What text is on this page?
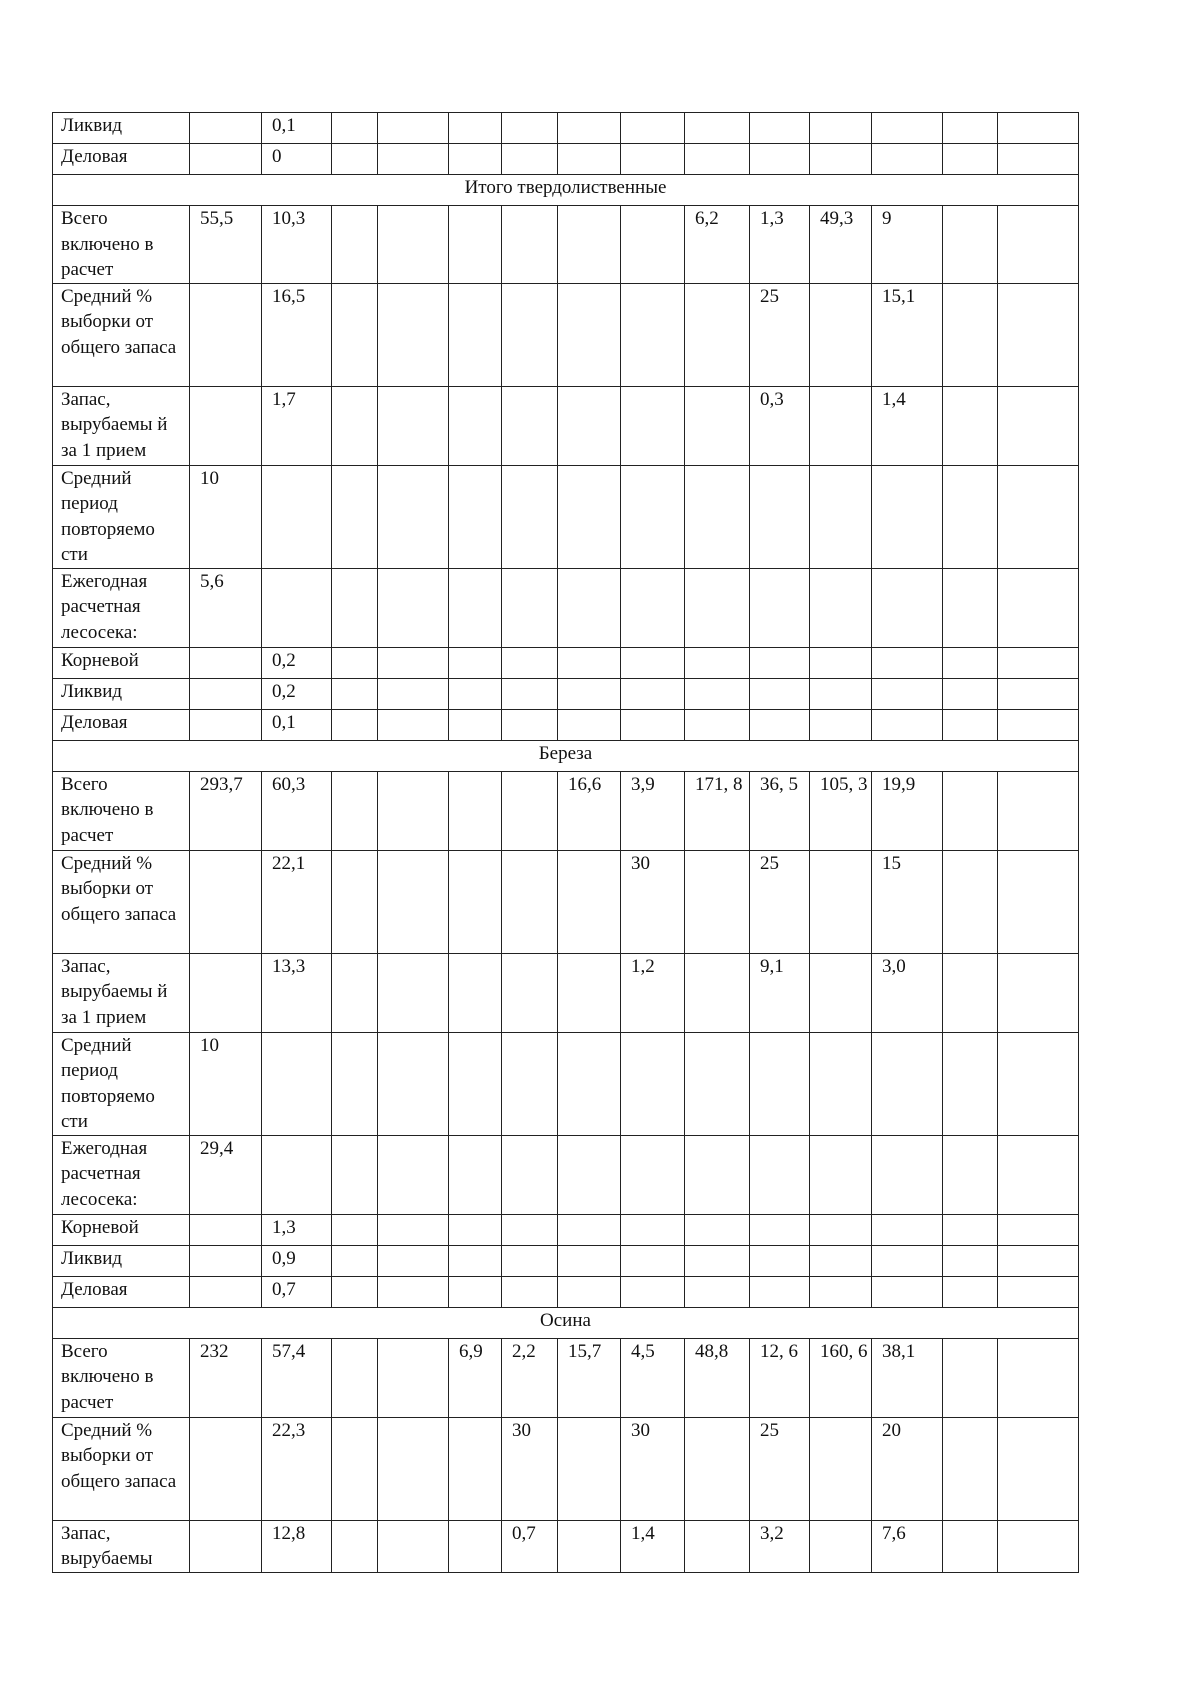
Ликвид		0,1												
Деловая		0												
Итого твердолиственные														
Всего включено в расчет	55,5	10,3							6,2	1,3	49,3	9		
Средний % выборки от общего запаса		16,5								25		15,1		
Запас, вырубаемы й за 1 прием		1,7								0,3		1,4		
Средний период повторяемо сти	10													
Ежегодная расчетная лесосека:	5,6													
Корневой		0,2												
Ликвид		0,2												
Деловая		0,1												
Береза														
Всего включено в расчет	293,7	60,3					16,6	3,9	171, 8	36, 5	105, 3	19,9		
Средний % выборки от общего запаса		22,1						30		25		15		
Запас, вырубаемы й за 1 прием		13,3						1,2		9,1		3,0		
Средний период повторяемо сти	10													
Ежегодная расчетная лесосека:	29,4													
Корневой		1,3												
Ликвид		0,9												
Деловая		0,7												
Осина														
Всего включено в расчет	232	57,4			6,9	2,2	15,7	4,5	48,8	12, 6	160, 6	38,1		
Средний % выборки от общего запаса		22,3				30		30		25		20		
Запас, вырубаемы		12,8				0,7		1,4		3,2		7,6		
